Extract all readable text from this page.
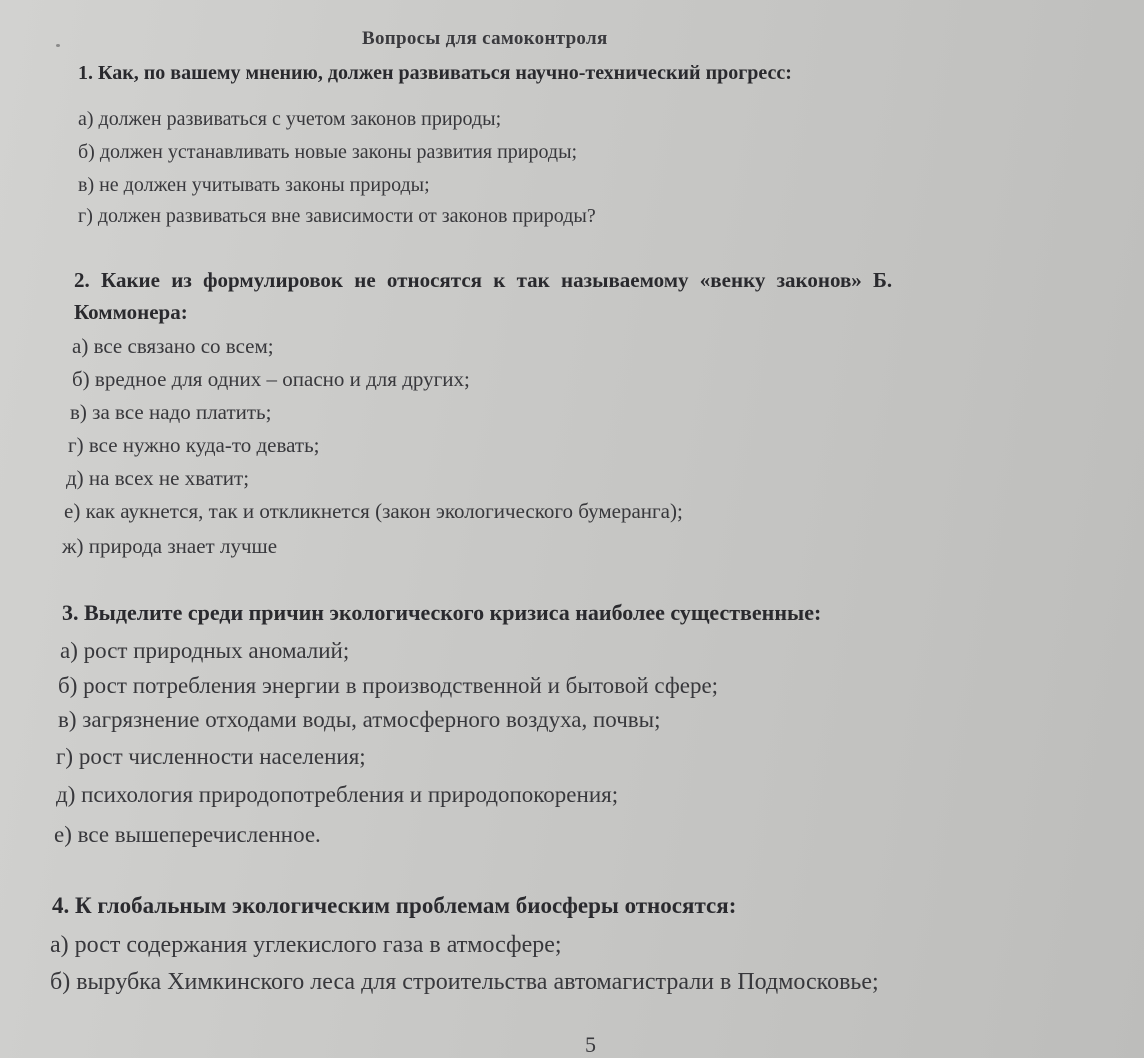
Вопросы для самоконтроля
1. Как, по вашему мнению, должен развиваться научно-технический прогресс:
а) должен развиваться с учетом законов природы;
б) должен устанавливать новые законы развития природы;
в) не должен учитывать законы природы;
г) должен развиваться вне зависимости от законов природы?
2. Какие из формулировок не относятся к так называемому «венку законов» Б.
Коммонера:
а) все связано со всем;
б) вредное для одних – опасно и для других;
в) за все надо платить;
г) все нужно куда-то девать;
д) на всех не хватит;
е) как аукнется, так и откликнется (закон экологического бумеранга);
ж) природа знает лучше
3. Выделите среди причин экологического кризиса наиболее существенные:
а) рост природных аномалий;
б) рост потребления энергии в производственной и бытовой сфере;
в) загрязнение отходами воды, атмосферного воздуха, почвы;
г) рост численности населения;
д) психология природопотребления и природопокорения;
е) все вышеперечисленное.
4. К глобальным экологическим проблемам биосферы относятся:
а) рост содержания углекислого газа в атмосфере;
б) вырубка Химкинского леса для строительства автомагистрали в Подмосковье;
5
